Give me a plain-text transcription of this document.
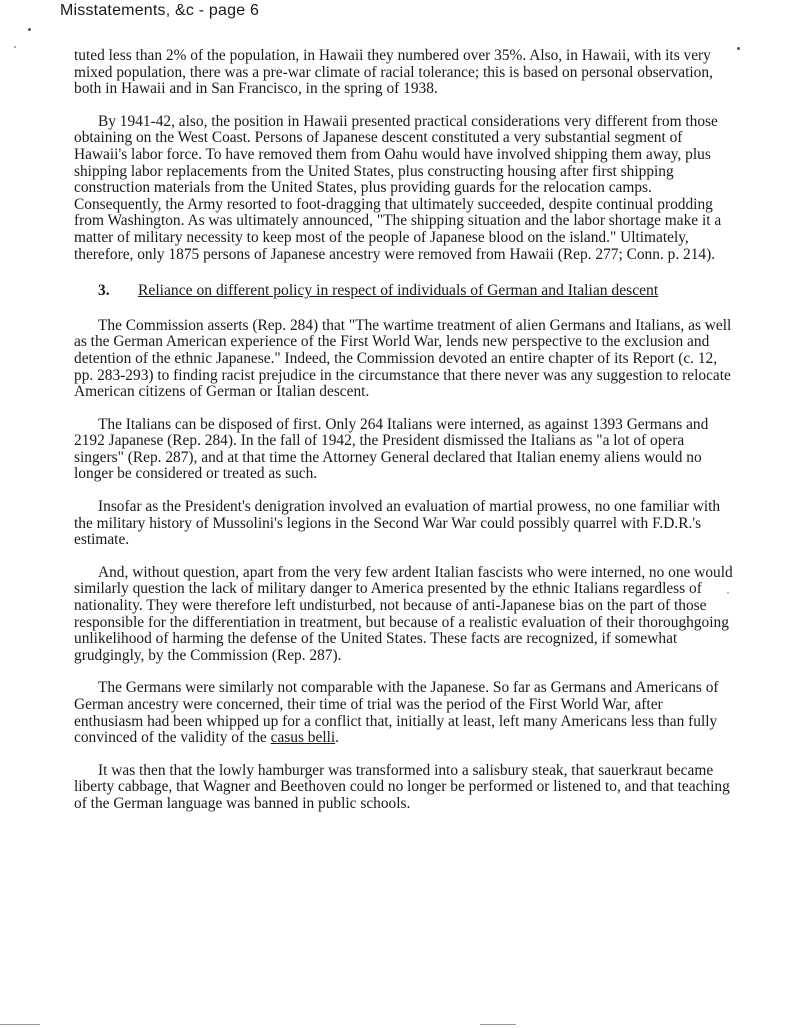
Misstatements, &c - page 6

tuted less than 2% of the population, in Hawaii they numbered over 35%. Also, in Hawaii, with its very mixed population, there was a pre-war climate of racial tolerance; this is based on personal observation, both in Hawaii and in San Francisco, in the spring of 1938.

By 1941-42, also, the position in Hawaii presented practical considerations very different from those obtaining on the West Coast. Persons of Japanese descent constituted a very substantial segment of Hawaii's labor force. To have removed them from Oahu would have involved shipping them away, plus shipping labor replacements from the United States, plus constructing housing after first shipping construction materials from the United States, plus providing guards for the relocation camps. Consequently, the Army resorted to foot-dragging that ultimately succeeded, despite continual prodding from Washington. As was ultimately announced, "The shipping situation and the labor shortage make it a matter of military necessity to keep most of the people of Japanese blood on the island." Ultimately, therefore, only 1875 persons of Japanese ancestry were removed from Hawaii (Rep. 277; Conn. p. 214).

3.	Reliance on different policy in respect of individuals of German and Italian descent

The Commission asserts (Rep. 284) that "The wartime treatment of alien Germans and Italians, as well as the German American experience of the First World War, lends new perspective to the exclusion and detention of the ethnic Japanese." Indeed, the Commission devoted an entire chapter of its Report (c. 12, pp. 283-293) to finding racist prejudice in the circumstance that there never was any suggestion to relocate American citizens of German or Italian descent.

The Italians can be disposed of first. Only 264 Italians were interned, as against 1393 Germans and 2192 Japanese (Rep. 284). In the fall of 1942, the President dismissed the Italians as "a lot of opera singers" (Rep. 287), and at that time the Attorney General declared that Italian enemy aliens would no longer be considered or treated as such.

Insofar as the President's denigration involved an evaluation of martial prowess, no one familiar with the military history of Mussolini's legions in the Second War War could possibly quarrel with F.D.R.'s estimate.

And, without question, apart from the very few ardent Italian fascists who were interned, no one would similarly question the lack of military danger to America presented by the ethnic Italians regardless of nationality. They were therefore left undisturbed, not because of anti-Japanese bias on the part of those responsible for the differentiation in treatment, but because of a realistic evaluation of their thoroughgoing unlikelihood of harming the defense of the United States. These facts are recognized, if somewhat grudgingly, by the Commission (Rep. 287).

The Germans were similarly not comparable with the Japanese. So far as Germans and Americans of German ancestry were concerned, their time of trial was the period of the First World War, after enthusiasm had been whipped up for a conflict that, initially at least, left many Americans less than fully convinced of the validity of the casus belli.

It was then that the lowly hamburger was transformed into a salisbury steak, that sauerkraut became liberty cabbage, that Wagner and Beethoven could no longer be performed or listened to, and that teaching of the German language was banned in public schools.
